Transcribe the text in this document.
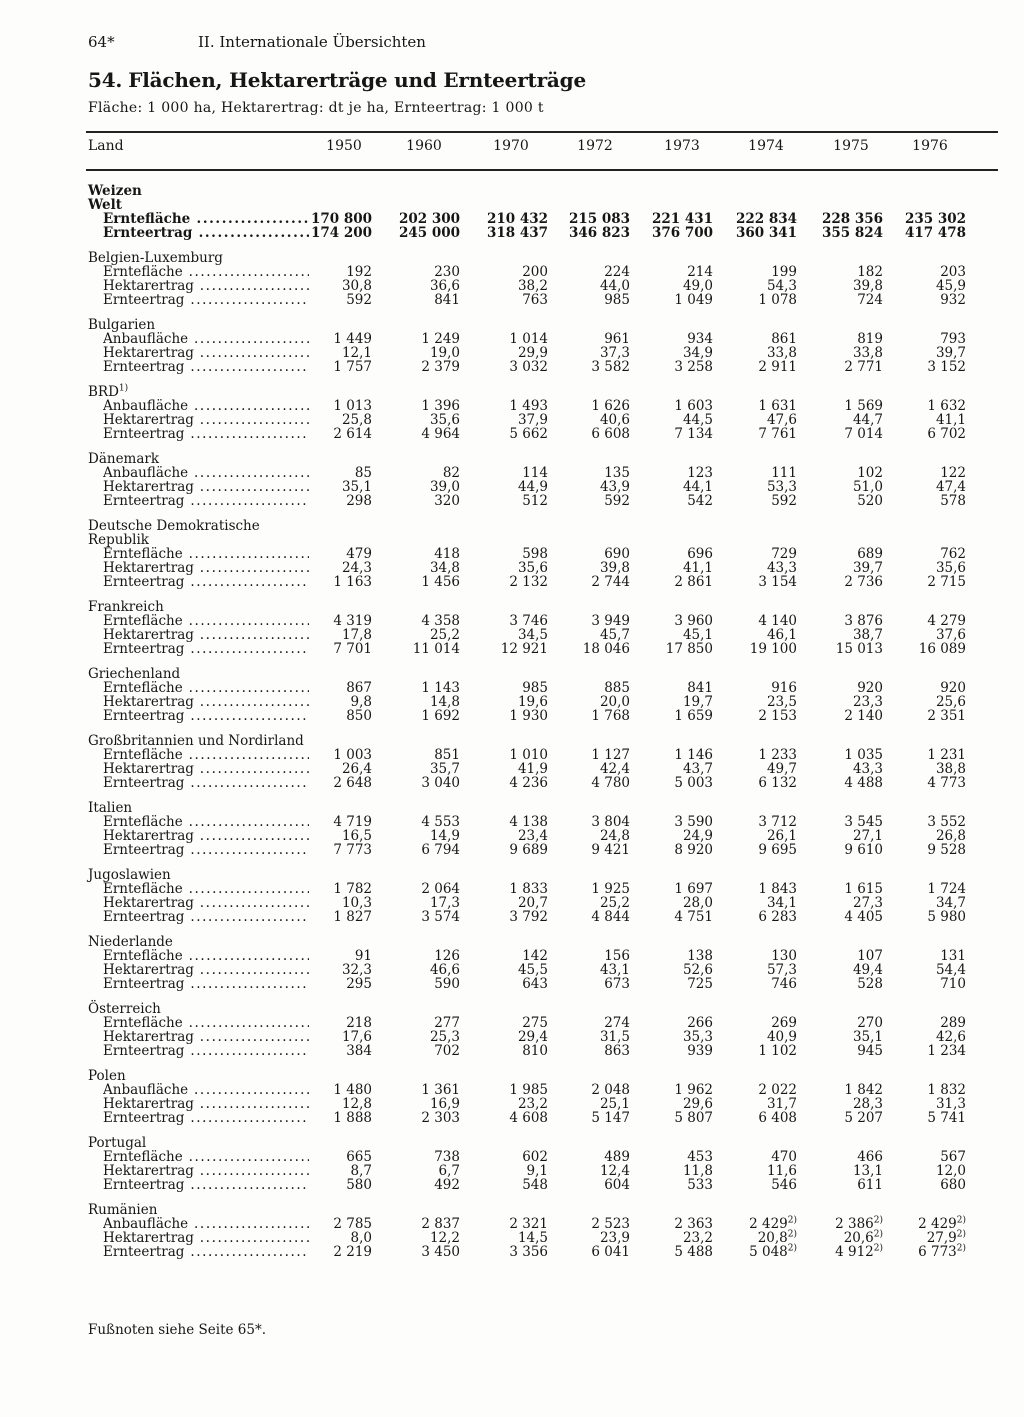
64*	II. Internationale Übersichten
54. Flächen, Hektarerträge und Ernteerträge
Fläche: 1 000 ha, Hektarertrag: dt je ha, Ernteertrag: 1 000 t
Land	1950	1960	1970	1972	1973	1974	1975	1976
Weizen
Welt
Erntefläche .....	170 800	202 300	210 432	215 083	221 431	222 834	228 356	235 302
Ernteertrag .....	174 200	245 000	318 437	346 823	376 700	360 341	355 824	417 478
Belgien-Luxemburg
Erntefläche .....	192	230	200	224	214	199	182	203
Hektarertrag .....	30,8	36,6	38,2	44,0	49,0	54,3	39,8	45,9
Ernteertrag .....	592	841	763	985	1 049	1 078	724	932
Bulgarien
Anbaufläche .....	1 449	1 249	1 014	961	934	861	819	793
Hektarertrag .....	12,1	19,0	29,9	37,3	34,9	33,8	33,8	39,7
Ernteertrag .....	1 757	2 379	3 032	3 582	3 258	2 911	2 771	3 152
BRD$^{1)}$
Anbaufläche .....	1 013	1 396	1 493	1 626	1 603	1 631	1 569	1 632
Hektarertrag .....	25,8	35,6	37,9	40,6	44,5	47,6	44,7	41,1
Ernteertrag .....	2 614	4 964	5 662	6 608	7 134	7 761	7 014	6 702
Dänemark
Anbaufläche .....	85	82	114	135	123	111	102	122
Hektarertrag .....	35,1	39,0	44,9	43,9	44,1	53,3	51,0	47,4
Ernteertrag .....	298	320	512	592	542	592	520	578
Deutsche Demokratische
Republik
Erntefläche .....	479	418	598	690	696	729	689	762
Hektarertrag .....	24,3	34,8	35,6	39,8	41,1	43,3	39,7	35,6
Ernteertrag .....	1 163	1 456	2 132	2 744	2 861	3 154	2 736	2 715
Frankreich
Erntefläche .....	4 319	4 358	3 746	3 949	3 960	4 140	3 876	4 279
Hektarertrag .....	17,8	25,2	34,5	45,7	45,1	46,1	38,7	37,6
Ernteertrag .....	7 701	11 014	12 921	18 046	17 850	19 100	15 013	16 089
Griechenland
Erntefläche .....	867	1 143	985	885	841	916	920	920
Hektarertrag .....	9,8	14,8	19,6	20,0	19,7	23,5	23,3	25,6
Ernteertrag .....	850	1 692	1 930	1 768	1 659	2 153	2 140	2 351
Großbritannien und Nordirland
Erntefläche .....	1 003	851	1 010	1 127	1 146	1 233	1 035	1 231
Hektarertrag .....	26,4	35,7	41,9	42,4	43,7	49,7	43,3	38,8
Ernteertrag .....	2 648	3 040	4 236	4 780	5 003	6 132	4 488	4 773
Italien
Erntefläche .....	4 719	4 553	4 138	3 804	3 590	3 712	3 545	3 552
Hektarertrag .....	16,5	14,9	23,4	24,8	24,9	26,1	27,1	26,8
Ernteertrag .....	7 773	6 794	9 689	9 421	8 920	9 695	9 610	9 528
Jugoslawien
Erntefläche .....	1 782	2 064	1 833	1 925	1 697	1 843	1 615	1 724
Hektarertrag .....	10,3	17,3	20,7	25,2	28,0	34,1	27,3	34,7
Ernteertrag .....	1 827	3 574	3 792	4 844	4 751	6 283	4 405	5 980
Niederlande
Erntefläche .....	91	126	142	156	138	130	107	131
Hektarertrag .....	32,3	46,6	45,5	43,1	52,6	57,3	49,4	54,4
Ernteertrag .....	295	590	643	673	725	746	528	710
Österreich
Erntefläche .....	218	277	275	274	266	269	270	289
Hektarertrag .....	17,6	25,3	29,4	31,5	35,3	40,9	35,1	42,6
Ernteertrag .....	384	702	810	863	939	1 102	945	1 234
Polen
Anbaufläche .....	1 480	1 361	1 985	2 048	1 962	2 022	1 842	1 832
Hektarertrag .....	12,8	16,9	23,2	25,1	29,6	31,7	28,3	31,3
Ernteertrag .....	1 888	2 303	4 608	5 147	5 807	6 408	5 207	5 741
Portugal
Erntefläche .....	665	738	602	489	453	470	466	567
Hektarertrag .....	8,7	6,7	9,1	12,4	11,8	11,6	13,1	12,0
Ernteertrag .....	580	492	548	604	533	546	611	680
Rumänien
Anbaufläche .....	2 785	2 837	2 321	2 523	2 363	2 429$^{2)}$	2 386$^{2)}$	2 429$^{2)}$
Hektarertrag .....	8,0	12,2	14,5	23,9	23,2	20,8$^{2)}$	20,6$^{2)}$	27,9$^{2)}$
Ernteertrag .....	2 219	3 450	3 356	6 041	5 488	5 048$^{2)}$	4 912$^{2)}$	6 773$^{2)}$
Fußnoten siehe Seite 65*.
